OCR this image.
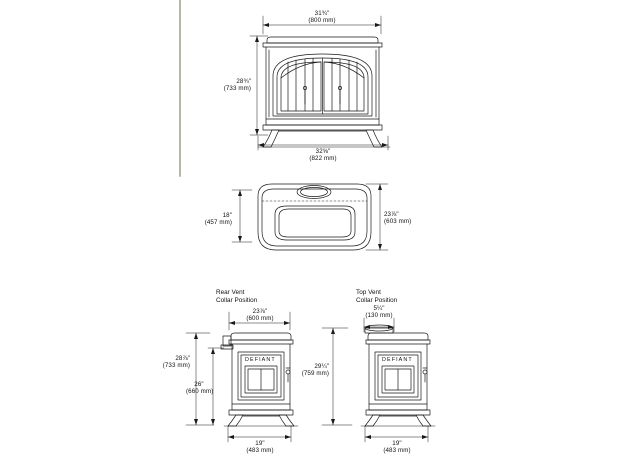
31¾"
(800 mm)
28¾"
(733 mm)
32⅝"
(822 mm)
18"
(457 mm)
23⅞"
(603 mm)
Rear Vent
Collar Position
23⅞"
(600 mm)
28⅞"
(733 mm)
26"
(660 mm)
19"
(483 mm)
DEFIANT
Top Vent
Collar Position
5¼"
(130 mm)
29¼"
(759 mm)
19"
(483 mm)
DEFIANT
